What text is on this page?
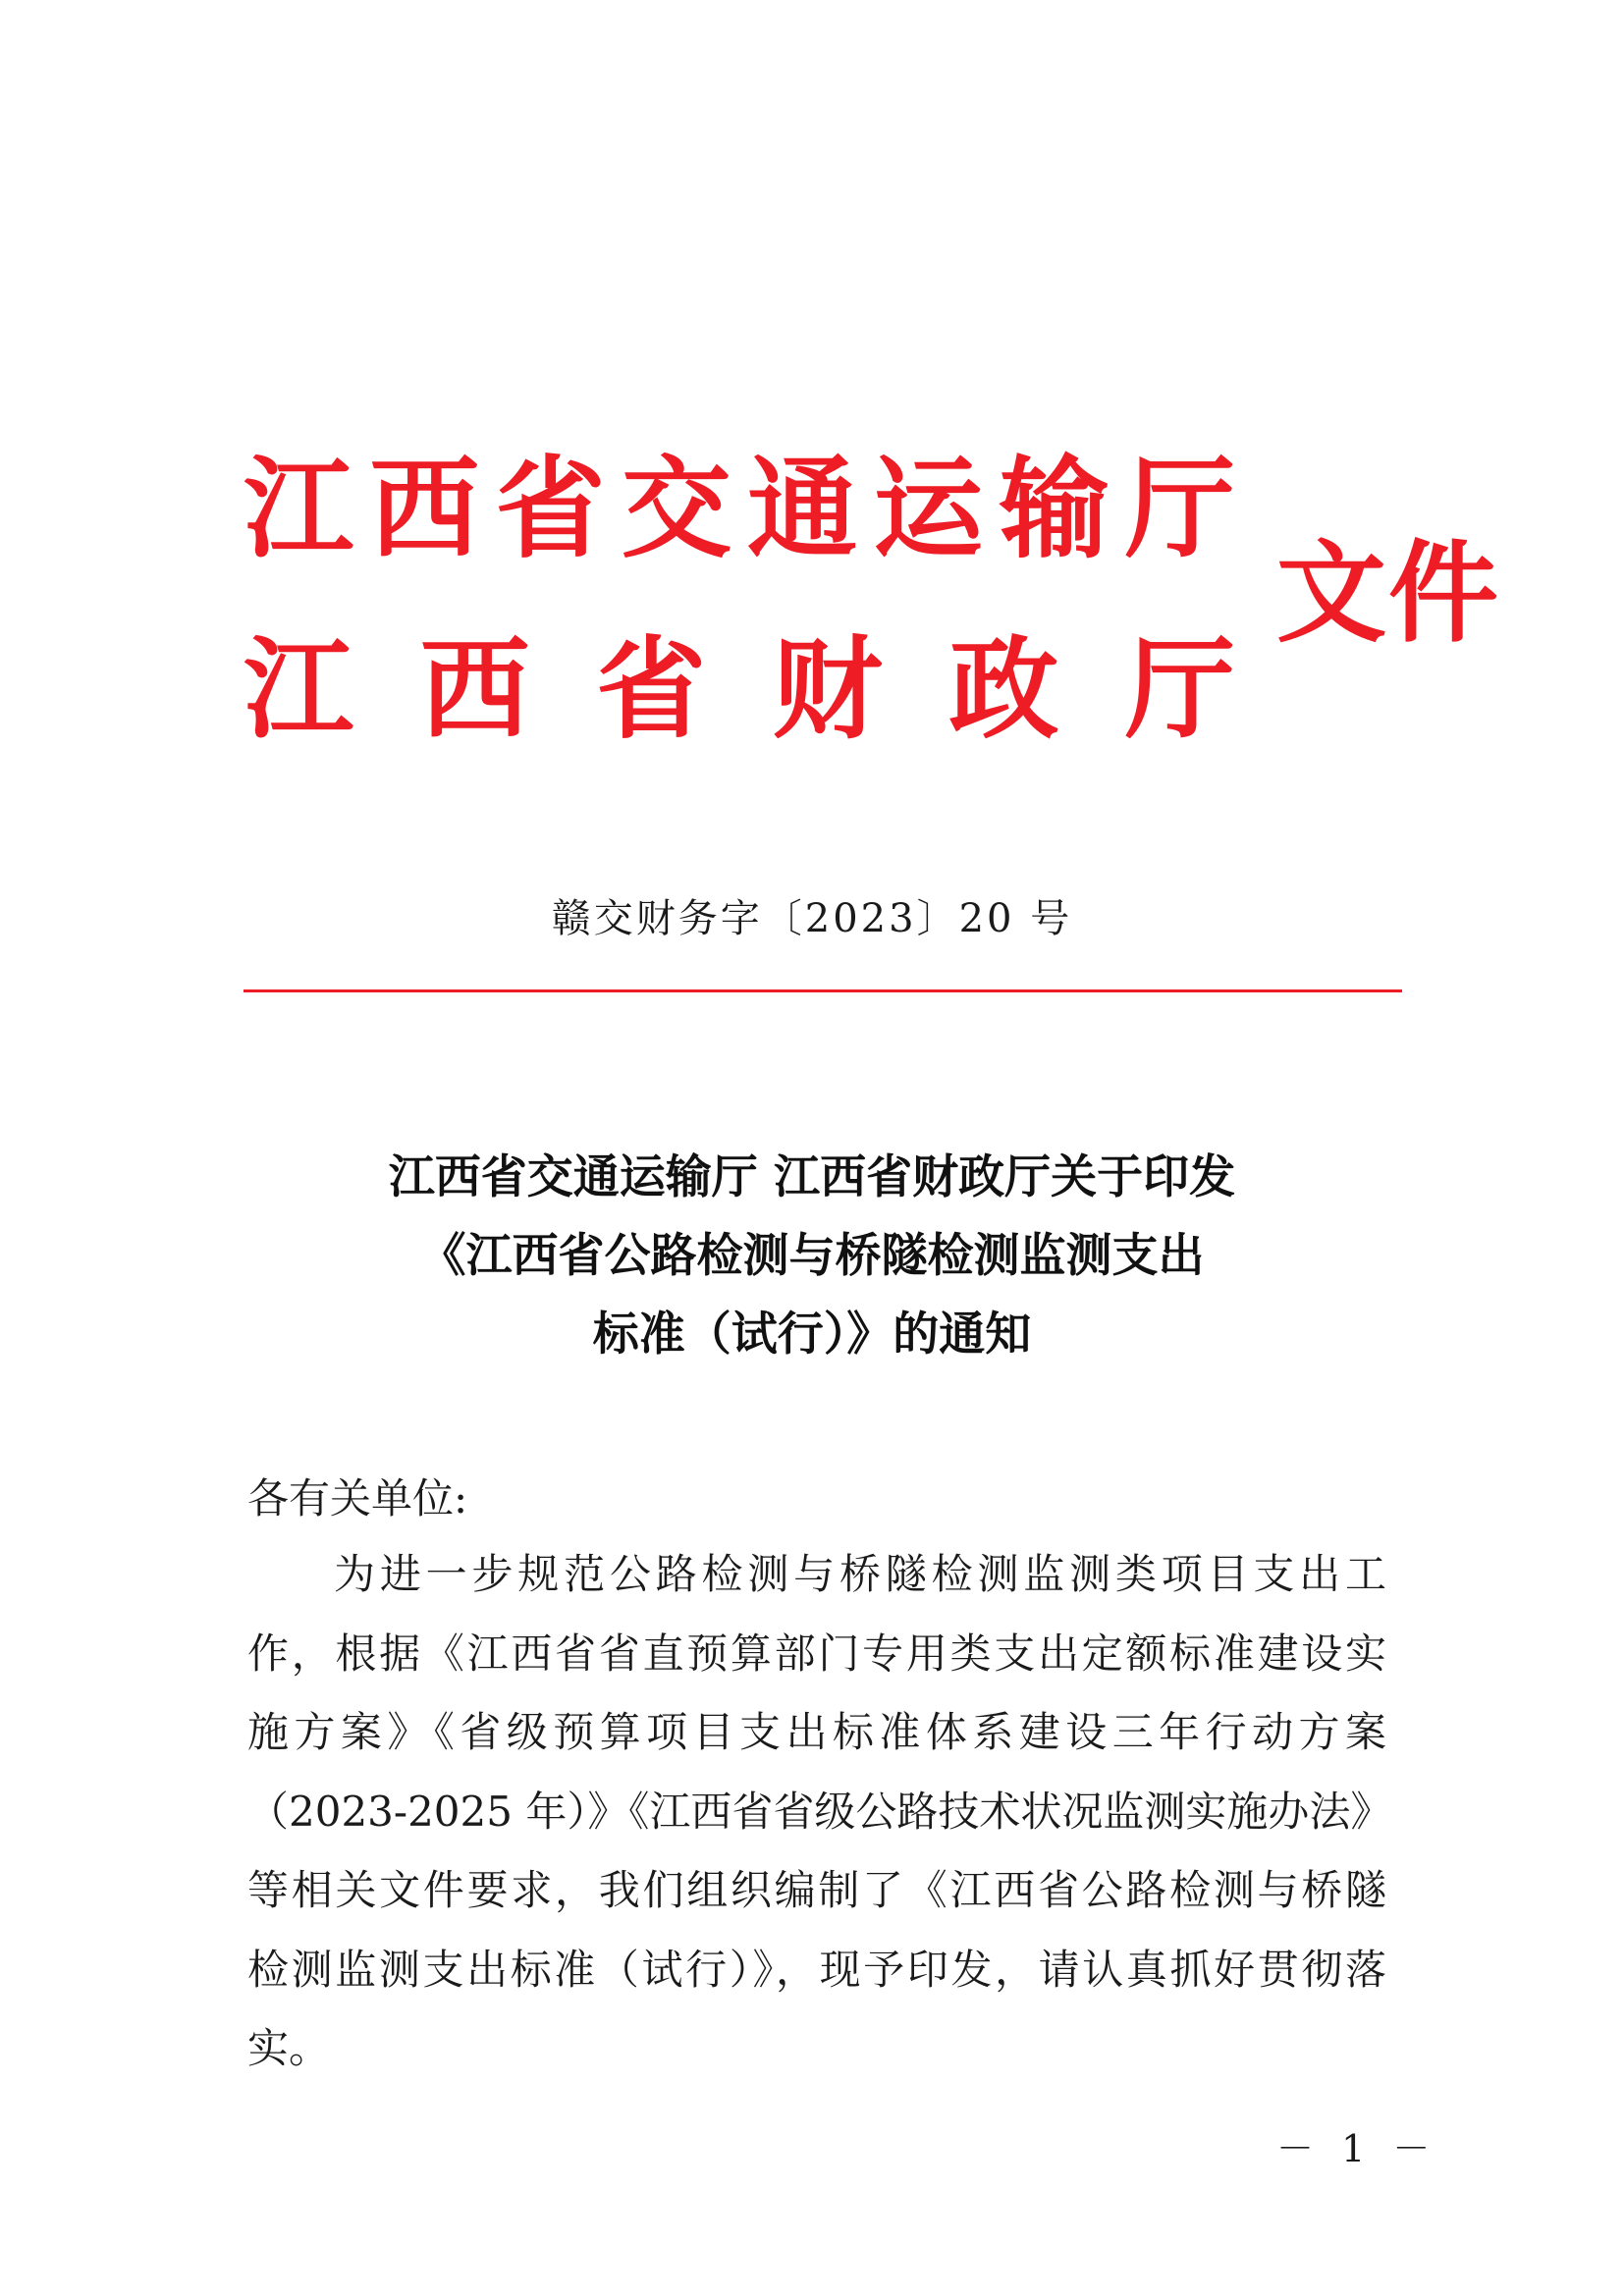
江 西 省 交 通 运 输 厅
江 西 省 财 政 厅
文件
赣交财务字〔2023〕20 号
江西省交通运输厅 江西省财政厅关于印发
《江西省公路检测与桥隧检测监测支出
标准（试行）》的通知
各有关单位:
为进一步规范公路检测与桥隧检测监测类项目支出工
作，根据《江西省省直预算部门专用类支出定额标准建设实
施方案》《省级预算项目支出标准体系建设三年行动方案
（2023-2025 年）》《江西省省级公路技术状况监测实施办法》
等相关文件要求，我们组织编制了《江西省公路检测与桥隧
检测监测支出标准（试行）》，现予印发，请认真抓好贯彻落
实。
－ 1 －
